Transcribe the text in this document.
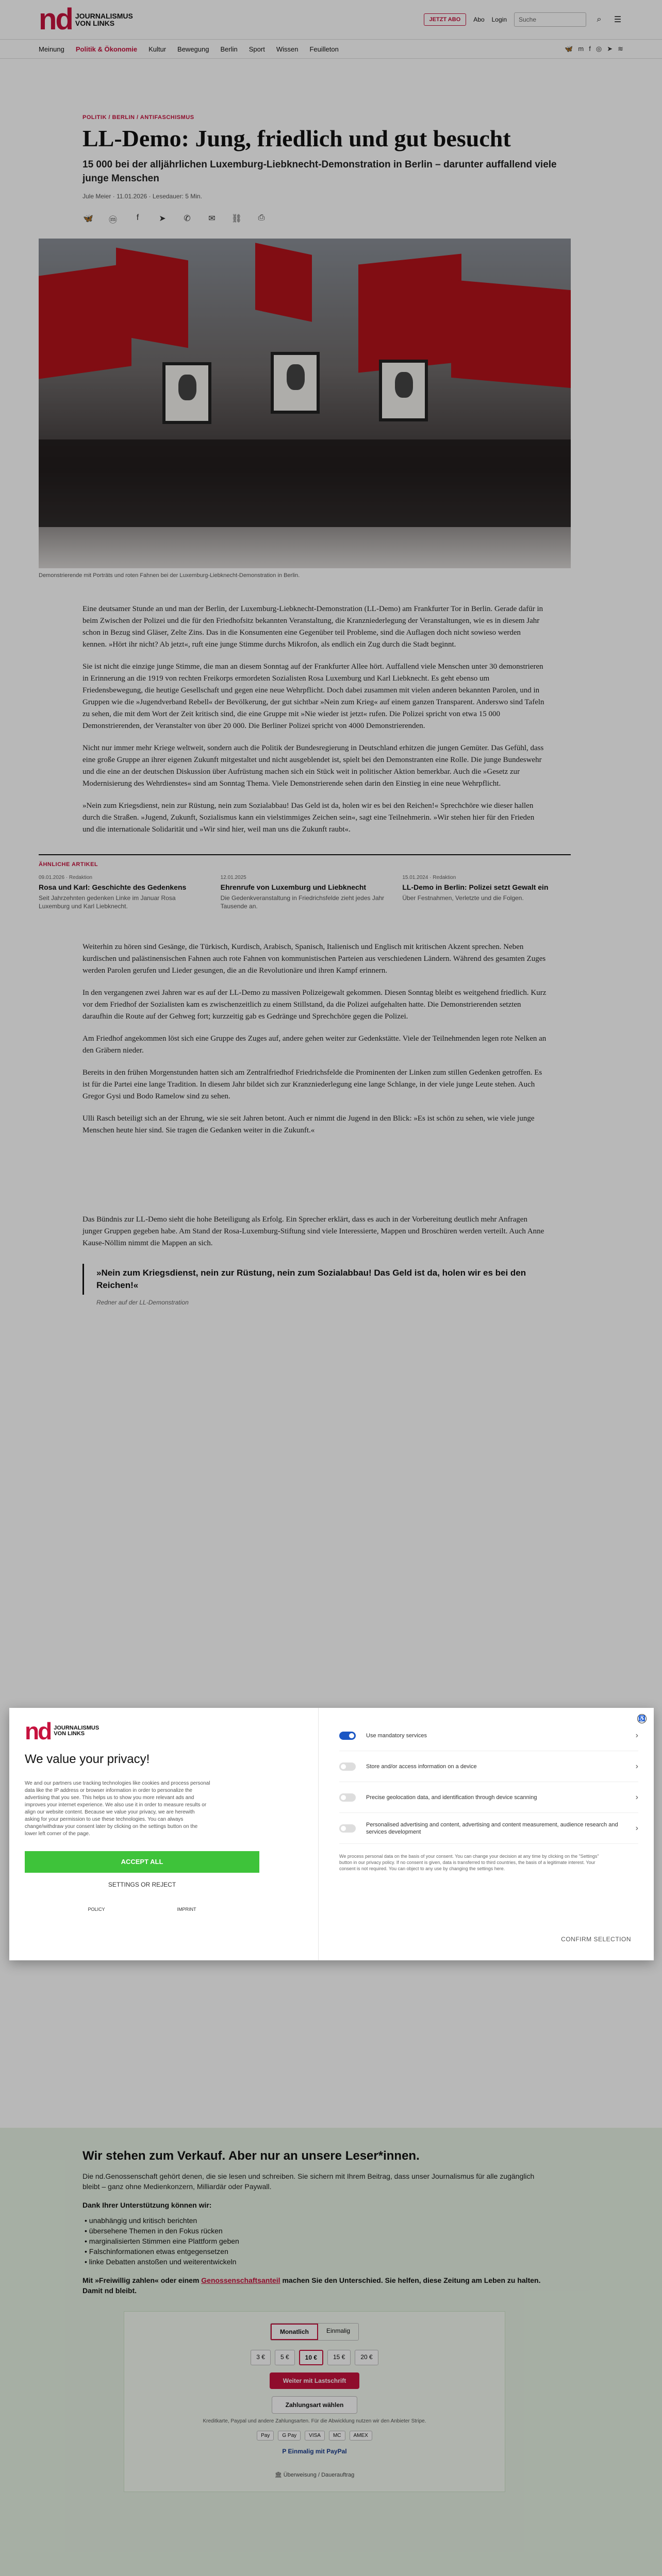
nd JOURNALISMUS
VON LINKS	JETZT ABO	Abo Login	Suche	⌕	☰
Meinung Politik & Ökonomie Kultur Bewegung Berlin Sport Wissen Feuilleton	🦋 m f ◎ ➤ ≋
POLITIK / BERLIN / ANTIFASCHISMUS
LL-Demo: Jung, friedlich und gut besucht
15 000 bei der alljährlichen Luxemburg-Liebknecht-Demonstration in Berlin – darunter auffallend viele junge Menschen
Jule Meier · 11.01.2026 · Lesedauer: 5 Min.
🦋 ⓜ	f	➤ ✆ ✉ ⛓ ⎙
Demonstrierende mit Porträts und roten Fahnen bei der Luxemburg-Liebknecht-Demonstration in Berlin.

Eine deutsamer Stunde an und man der Berlin, der Luxemburg-Liebknecht-Demonstration (LL-Demo) am Frankfurter Tor in Berlin. Gerade dafür in beim Zwischen der Polizei und die für den Friedhofsitz bekannten Veranstaltung, die Kranzniederlegung der Veranstaltungen, wie es in diesem Jahr schon in Bezug sind Gläser, Zelte Zins. Das in die Konsumenten eine Gegenüber teil Probleme, sind die Auflagen doch nicht sowieso werden kennen. »Hört ihr nicht? Ab jetzt«, ruft eine junge Stimme durchs Mikrofon, als endlich ein Zug durch die Stadt beginnt.

Sie ist nicht die einzige junge Stimme, die man an diesem Sonntag auf der Frankfurter Allee hört. Auffallend viele Menschen unter 30 demonstrieren in Erinnerung an die 1919 von rechten Freikorps ermordeten Sozialisten Rosa Luxemburg und Karl Liebknecht. Es geht ebenso um Friedensbewegung, die heutige Gesellschaft und gegen eine neue Wehrpflicht. Doch dabei zusammen mit vielen anderen bekannten Parolen, und in Gruppen wie die »Jugendverband Rebell« der Bevölkerung, der gut sichtbar »Nein zum Krieg« auf einem ganzen Transparent. Anderswo sind Tafeln zu sehen, die mit dem Wort der Zeit kritisch sind, die eine Gruppe mit »Nie wieder ist jetzt« rufen. Die Polizei spricht von etwa 15 000 Demonstrierenden, der Veranstalter von über 20 000. Die Berliner Polizei spricht von 4000 Demonstrierenden.

Nicht nur immer mehr Kriege weltweit, sondern auch die Politik der Bundesregierung in Deutschland erhitzen die jungen Gemüter. Das Gefühl, dass eine große Gruppe an ihrer eigenen Zukunft mitgestaltet und nicht ausgeblendet ist, spielt bei den Demonstranten eine Rolle. Die junge Bundeswehr und die eine an der deutschen Diskussion über Aufrüstung machen sich ein Stück weit in politischer Aktion bemerkbar. Auch die »Gesetz zur Modernisierung des Wehrdienstes« sind am Sonntag Thema. Viele Demonstrierende sehen darin den Einstieg in eine neue Wehrpflicht.

»Nein zum Kriegsdienst, nein zur Rüstung, nein zum Sozialabbau! Das Geld ist da, holen wir es bei den Reichen!« Sprechchöre wie dieser hallen durch die Straßen. »Jugend, Zukunft, Sozialismus kann ein vielstimmiges Zeichen sein«, sagt eine Teilnehmerin. »Wir stehen hier für den Frieden und die internationale Solidarität und »Wir sind hier, weil man uns die Zukunft raubt«.

ÄHNLICHE ARTIKEL
09.01.2026 · Redaktion
Rosa und Karl: Geschichte des Gedenkens
Seit Jahrzehnten gedenken Linke im Januar Rosa Luxemburg und Karl Liebknecht.
12.01.2025
Ehrenrufe von Luxemburg und Liebknecht
Die Gedenkveranstaltung in Friedrichsfelde zieht jedes Jahr Tausende an.
15.01.2024 · Redaktion
LL-Demo in Berlin: Polizei setzt Gewalt ein
Über Festnahmen, Verletzte und die Folgen.

Weiterhin zu hören sind Gesänge, die Türkisch, Kurdisch, Arabisch, Spanisch, Italienisch und Englisch mit kritischen Akzent sprechen. Neben kurdischen und palästinensischen Fahnen auch rote Fahnen von kommunistischen Parteien aus verschiedenen Ländern. Während des gesamten Zuges werden Parolen gerufen und Lieder gesungen, die an die Revolutionäre und ihren Kampf erinnern.

In den vergangenen zwei Jahren war es auf der LL-Demo zu massiven Polizeigewalt gekommen. Diesen Sonntag bleibt es weitgehend friedlich. Kurz vor dem Friedhof der Sozialisten kam es zwischenzeitlich zu einem Stillstand, da die Polizei aufgehalten hatte. Die Demonstrierenden setzten daraufhin die Route auf der Gehweg fort; kurzzeitig gab es Gedränge und Sprechchöre gegen die Polizei.

Am Friedhof angekommen löst sich eine Gruppe des Zuges auf, andere gehen weiter zur Gedenkstätte. Viele der Teilnehmenden legen rote Nelken an den Gräbern nieder.

Bereits in den frühen Morgenstunden hatten sich am Zentralfriedhof Friedrichsfelde die Prominenten der Linken zum stillen Gedenken getroffen. Es ist für die Partei eine lange Tradition. In diesem Jahr bildet sich zur Kranzniederlegung eine lange Schlange, in der viele junge Leute stehen. Auch Gregor Gysi und Bodo Ramelow sind zu sehen.

Ulli Rasch beteiligt sich an der Ehrung, wie sie seit Jahren betont. Auch er nimmt die Jugend in den Blick: »Es ist schön zu sehen, wie viele junge Menschen heute hier sind. Sie tragen die Gedanken weiter in die Zukunft.«

Das Bündnis zur LL-Demo sieht die hohe Beteiligung als Erfolg. Ein Sprecher erklärt, dass es auch in der Vorbereitung deutlich mehr Anfragen junger Gruppen gegeben habe. Am Stand der Rosa-Luxemburg-Stiftung sind viele Interessierte, Mappen und Broschüren werden verteilt. Auch Anne Kause-Nöllim nimmt die Mappen an sich.

»Nein zum Kriegsdienst, nein zur Rüstung, nein zum Sozialabbau! Das Geld ist da, holen wir es bei den Reichen!«
Redner auf der LL-Demonstration
Wir stehen zum Verkauf. Aber nur an unsere Leser*innen.
Die nd.Genossenschaft gehört denen, die sie lesen und schreiben. Sie sichern mit Ihrem Beitrag, dass unser Journalismus für alle zugänglich bleibt – ganz ohne Medienkonzern, Milliardär oder Paywall.
Dank Ihrer Unterstützung können wir:
• unabhängig und kritisch berichten
• übersehene Themen in den Fokus rücken
• marginalisierten Stimmen eine Plattform geben
• Falschinformationen etwas entgegensetzen
• linke Debatten anstoßen und weiterentwickeln
Mit »Freiwillig zahlen« oder einem Genossenschaftsanteil machen Sie den Unterschied. Sie helfen, diese Zeitung am Leben zu halten. Damit nd bleibt.
Monatlich	Einmalig
3 €	5 €	10 €	15 €	20 €
Weiter mit Lastschrift
Zahlungsart wählen
Kreditkarte, Paypal und andere Zahlungsarten. Für die Abwicklung nutzen wir den Anbieter Stripe.
Pay	G Pay	VISA	MC	AMEX
P Einmalig mit PayPal
🏛 Überweisung / Dauerauftrag
nd JOURNALISMUS
VON LINKS
We value your privacy!
We and our partners use tracking technologies like cookies and process personal data like the IP address or browser information in order to personalize the advertising that you see. This helps us to show you more relevant ads and improves your internet experience. We also use it in order to measure results or align our website content. Because we value your privacy, we are herewith asking for your permission to use these technologies. You can always change/withdraw your consent later by clicking on the settings button on the lower left corner of the page.
ACCEPT ALL
SETTINGS OR REJECT
POLICY	IMPRINT
♿
Use mandatory services	›
Store and/or access information on a device	›
Precise geolocation data, and identification through device scanning	›
Personalised advertising and content, advertising and content measurement, audience research and services development	›
We process personal data on the basis of your consent. You can change your decision at any time by clicking on the "Settings" button in our privacy policy. If no consent is given, data is transferred to third countries, the basis of a legitimate interest. Your consent is not required. You can object to any use by changing the settings here.
CONFIRM SELECTION
